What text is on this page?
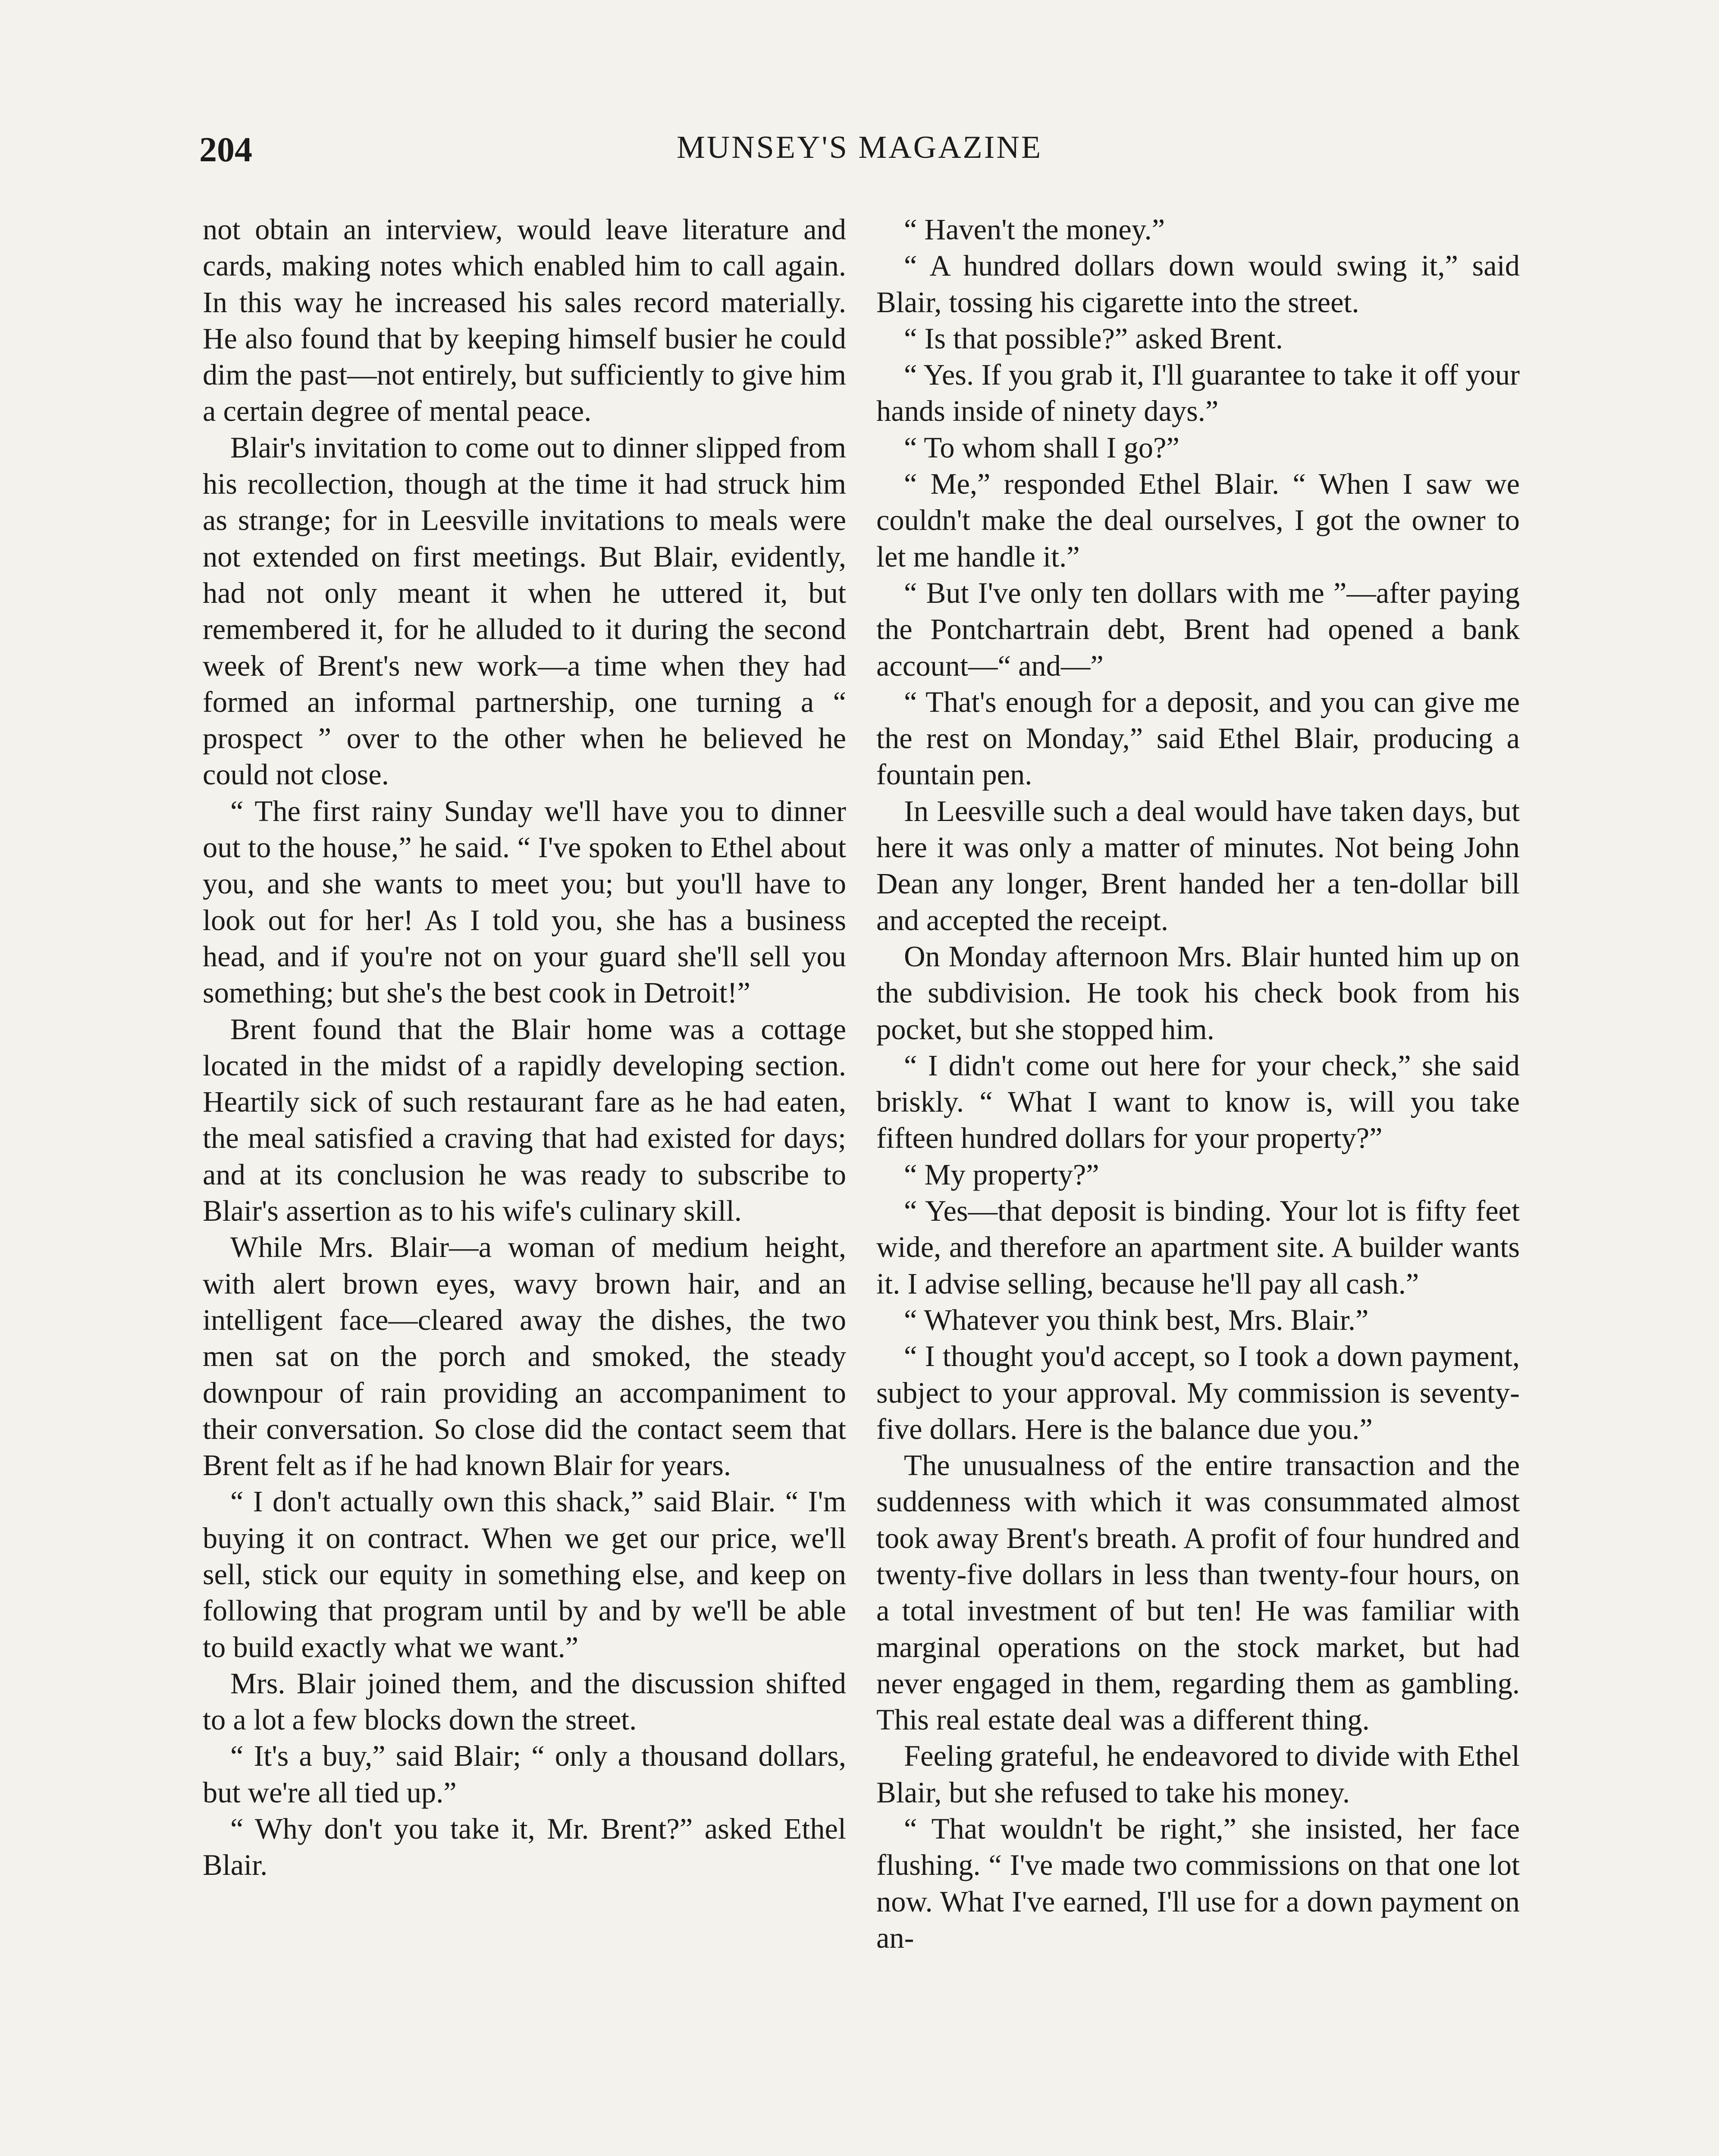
204	MUNSEY'S MAGAZINE

not obtain an interview, would leave literature and cards, making notes which enabled him to call again. In this way he increased his sales record materially. He also found that by keeping himself busier he could dim the past—not entirely, but sufficiently to give him a certain degree of mental peace.

Blair's invitation to come out to dinner slipped from his recollection, though at the time it had struck him as strange; for in Leesville invitations to meals were not extended on first meetings. But Blair, evidently, had not only meant it when he uttered it, but remembered it, for he alluded to it during the second week of Brent's new work—a time when they had formed an informal partnership, one turning a “ prospect ” over to the other when he believed he could not close.

“ The first rainy Sunday we'll have you to dinner out to the house,” he said. “ I've spoken to Ethel about you, and she wants to meet you; but you'll have to look out for her! As I told you, she has a business head, and if you're not on your guard she'll sell you something; but she's the best cook in Detroit!”

Brent found that the Blair home was a cottage located in the midst of a rapidly developing section. Heartily sick of such restaurant fare as he had eaten, the meal satisfied a craving that had existed for days; and at its conclusion he was ready to subscribe to Blair's assertion as to his wife's culinary skill.

While Mrs. Blair—a woman of medium height, with alert brown eyes, wavy brown hair, and an intelligent face—cleared away the dishes, the two men sat on the porch and smoked, the steady downpour of rain providing an accompaniment to their conversation. So close did the contact seem that Brent felt as if he had known Blair for years.

“ I don't actually own this shack,” said Blair. “ I'm buying it on contract. When we get our price, we'll sell, stick our equity in something else, and keep on following that program until by and by we'll be able to build exactly what we want.”

Mrs. Blair joined them, and the discussion shifted to a lot a few blocks down the street.

“ It's a buy,” said Blair; “ only a thousand dollars, but we're all tied up.”

“ Why don't you take it, Mr. Brent?” asked Ethel Blair.

“ Haven't the money.”

“ A hundred dollars down would swing it,” said Blair, tossing his cigarette into the street.

“ Is that possible?” asked Brent.

“ Yes. If you grab it, I'll guarantee to take it off your hands inside of ninety days.”

“ To whom shall I go?”

“ Me,” responded Ethel Blair. “ When I saw we couldn't make the deal ourselves, I got the owner to let me handle it.”

“ But I've only ten dollars with me ”—after paying the Pontchartrain debt, Brent had opened a bank account—“ and—”

“ That's enough for a deposit, and you can give me the rest on Monday,” said Ethel Blair, producing a fountain pen.

In Leesville such a deal would have taken days, but here it was only a matter of minutes. Not being John Dean any longer, Brent handed her a ten-dollar bill and accepted the receipt.

On Monday afternoon Mrs. Blair hunted him up on the subdivision. He took his check book from his pocket, but she stopped him.

“ I didn't come out here for your check,” she said briskly. “ What I want to know is, will you take fifteen hundred dollars for your property?”

“ My property?”

“ Yes—that deposit is binding. Your lot is fifty feet wide, and therefore an apartment site. A builder wants it. I advise selling, because he'll pay all cash.”

“ Whatever you think best, Mrs. Blair.”

“ I thought you'd accept, so I took a down payment, subject to your approval. My commission is seventy-five dollars. Here is the balance due you.”

The unusualness of the entire transaction and the suddenness with which it was consummated almost took away Brent's breath. A profit of four hundred and twenty-five dollars in less than twenty-four hours, on a total investment of but ten! He was familiar with marginal operations on the stock market, but had never engaged in them, regarding them as gambling. This real estate deal was a different thing.

Feeling grateful, he endeavored to divide with Ethel Blair, but she refused to take his money.

“ That wouldn't be right,” she insisted, her face flushing. “ I've made two commissions on that one lot now. What I've earned, I'll use for a down payment on an-
